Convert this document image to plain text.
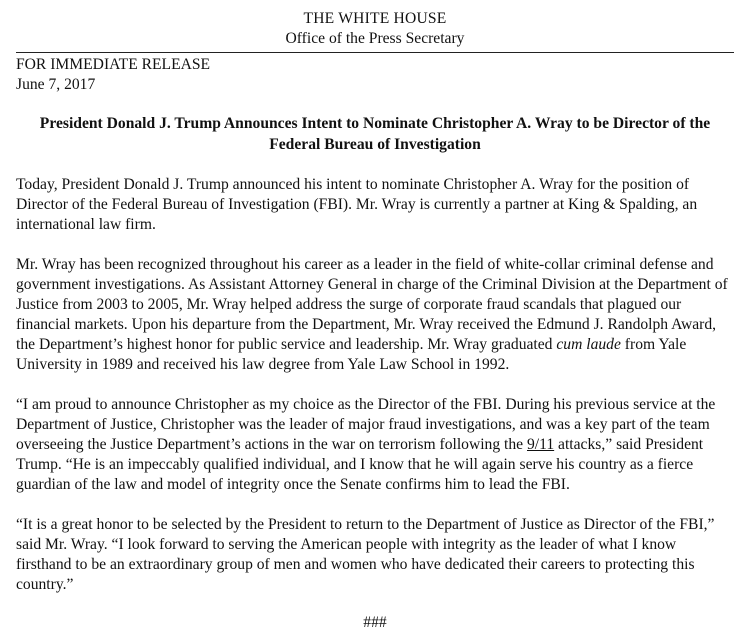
THE WHITE HOUSE
Office of the Press Secretary
FOR IMMEDIATE RELEASE
June 7, 2017
President Donald J. Trump Announces Intent to Nominate Christopher A. Wray to be Director of the Federal Bureau of Investigation

Today, President Donald J. Trump announced his intent to nominate Christopher A. Wray for the position of Director of the Federal Bureau of Investigation (FBI). Mr. Wray is currently a partner at King & Spalding, an international law firm.

Mr. Wray has been recognized throughout his career as a leader in the field of white-collar criminal defense and government investigations. As Assistant Attorney General in charge of the Criminal Division at the Department of Justice from 2003 to 2005, Mr. Wray helped address the surge of corporate fraud scandals that plagued our financial markets. Upon his departure from the Department, Mr. Wray received the Edmund J. Randolph Award, the Department’s highest honor for public service and leadership. Mr. Wray graduated cum laude from Yale University in 1989 and received his law degree from Yale Law School in 1992.

“I am proud to announce Christopher as my choice as the Director of the FBI. During his previous service at the Department of Justice, Christopher was the leader of major fraud investigations, and was a key part of the team overseeing the Justice Department’s actions in the war on terrorism following the 9/11 attacks,” said President Trump. “He is an impeccably qualified individual, and I know that he will again serve his country as a fierce guardian of the law and model of integrity once the Senate confirms him to lead the FBI.

“It is a great honor to be selected by the President to return to the Department of Justice as Director of the FBI,” said Mr. Wray. “I look forward to serving the American people with integrity as the leader of what I know firsthand to be an extraordinary group of men and women who have dedicated their careers to protecting this country.”

###
